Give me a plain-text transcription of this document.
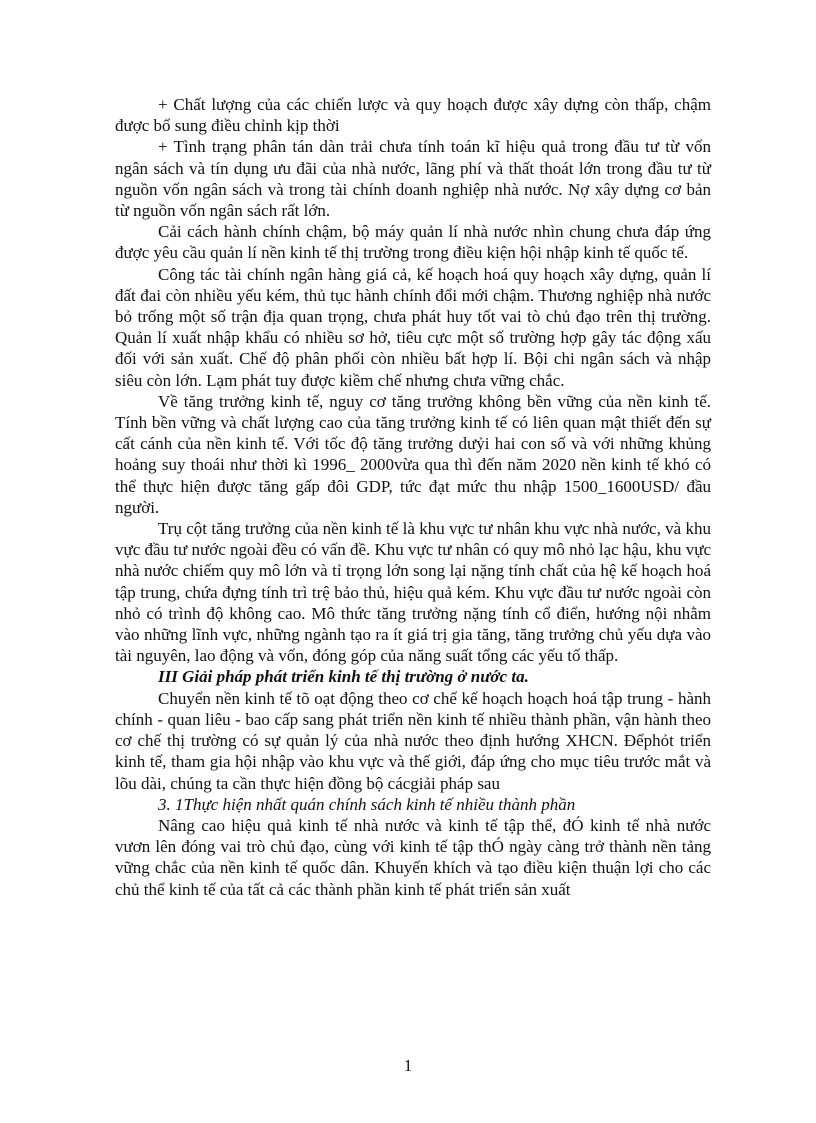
+ Chất lượng của các chiến lược và quy hoạch được xây dựng còn thấp, chậm được bổ sung điều chỉnh kịp thời

+ Tình trạng phân tán dàn trải chưa tính toán kĩ hiệu quả trong đầu tư từ vốn ngân sách và tín dụng ưu đãi của nhà nước, lãng phí và thất thoát lớn trong đầu tư từ nguồn vốn ngân sách và trong tài chính doanh nghiệp nhà nước. Nợ xây dựng cơ bản từ nguồn vốn ngân sách rất lớn.

Cải cách hành chính chậm, bộ máy quản lí nhà nước nhìn chung chưa đáp ứng được yêu cầu quản lí nền kinh tế thị trường trong điều kiện hội nhập kinh tế quốc tế.

Công tác tài chính ngân hàng giá cả, kế hoạch hoá quy hoạch xây dựng, quản lí đất đai còn nhiều yếu kém, thủ tục hành chính đổi mới chậm. Thương nghiệp nhà nước bỏ trống một số trận địa quan trọng, chưa phát huy tốt vai tò chủ đạo trên thị trường. Quản lí xuất nhập khẩu có nhiều sơ hở, tiêu cực một số trường hợp gây tác động xấu đối với sản xuất. Chế độ phân phối còn nhiều bất hợp lí. Bội chi ngân sách và nhập siêu còn lớn. Lạm phát tuy được kiềm chế nhưng chưa vững chắc.

Về tăng trưởng kinh tế, nguy cơ tăng trưởng không bền vững của nền kinh tế. Tính bền vững và chất lượng cao của tăng trưởng kinh tế có liên quan mật thiết đến sự cất cánh của nền kinh tế. Với tốc độ tăng trưởng dưỷi hai con số và với những khủng hoảng suy thoái như thời kì 1996_ 2000vừa qua thì đến năm 2020 nền kinh tế khó có thể thực hiện được tăng gấp đôi GDP, tức đạt mức thu nhập 1500_1600USD/ đầu người.

Trụ cột tăng trưởng của nền kinh tế là khu vực tư nhân khu vực nhà nước, và khu vực đầu tư nước ngoài đều có vấn đề. Khu vực tư nhân có quy mô nhỏ lạc hậu, khu vực nhà nước chiếm quy mô lớn và tỉ trọng lớn song lại nặng tính chất của hệ kế hoạch hoá tập trung, chứa đựng tính trì trệ bảo thủ, hiệu quả kém. Khu vực đầu tư nước ngoài còn nhỏ có trình độ không cao. Mô thức tăng trưởng nặng tính cổ điển, hướng nội nhằm vào những lĩnh vực, những ngành tạo ra ít giá trị gia tăng, tăng trưởng chủ yếu dựa vào tài nguyên, lao động và vốn, đóng góp của năng suất tổng các yếu tố thấp.

III Giải pháp phát triển kinh tế thị trường ở nước ta.

Chuyển nền kinh tế tõ oạt động theo cơ chế kế hoạch hoạch hoá tập trung - hành chính - quan liêu - bao cấp sang phát triển nền kinh tế nhiều thành phần, vận hành theo cơ chế thị trường có sự quản lý của nhà nước theo định hướng XHCN. Đểphỏt triển kinh tế, tham gia hội nhập vào khu vực và thế giới, đáp ứng cho mục tiêu trước mắt và lõu dài, chúng ta cần thực hiện đồng bộ cácgiải pháp sau

3. 1Thực hiện nhất quán chính sách kinh tế nhiều thành phần

Nâng cao hiệu quả kinh tế nhà nước và kinh tế tập thể, đÓ kinh tế nhà nước vươn lên đóng vai trò chủ đạo, cùng với kinh tế tập thÓ ngày càng trở thành nền tảng vững chắc của nền kinh tế quốc dân. Khuyến khích và tạo điều kiện thuận lợi cho các chủ thể kinh tế của tất cả các thành phần kinh tế phát triển sản xuất

1
